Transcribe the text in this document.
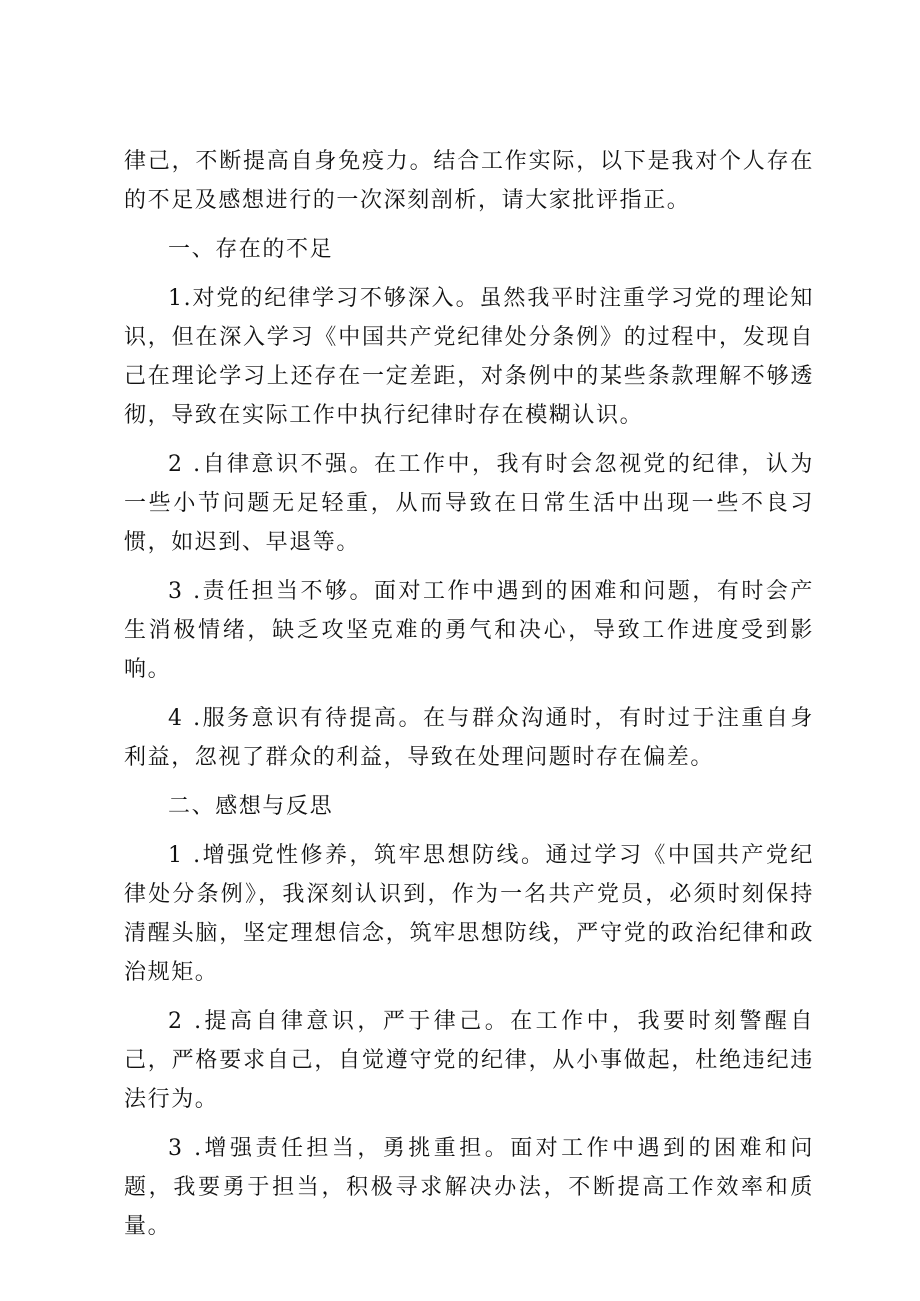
律己，不断提高自身免疫力。结合工作实际，以下是我对个人存在的不足及感想进行的一次深刻剖析，请大家批评指正。

一、存在的不足

1.对党的纪律学习不够深入。虽然我平时注重学习党的理论知识，但在深入学习《中国共产党纪律处分条例》的过程中，发现自己在理论学习上还存在一定差距，对条例中的某些条款理解不够透彻，导致在实际工作中执行纪律时存在模糊认识。

2 .自律意识不强。在工作中，我有时会忽视党的纪律，认为一些小节问题无足轻重，从而导致在日常生活中出现一些不良习惯，如迟到、早退等。

3 .责任担当不够。面对工作中遇到的困难和问题，有时会产生消极情绪，缺乏攻坚克难的勇气和决心，导致工作进度受到影响。

4 .服务意识有待提高。在与群众沟通时，有时过于注重自身利益，忽视了群众的利益，导致在处理问题时存在偏差。

二、感想与反思

1 .增强党性修养，筑牢思想防线。通过学习《中国共产党纪律处分条例》，我深刻认识到，作为一名共产党员，必须时刻保持清醒头脑，坚定理想信念，筑牢思想防线，严守党的政治纪律和政治规矩。

2 .提高自律意识，严于律己。在工作中，我要时刻警醒自己，严格要求自己，自觉遵守党的纪律，从小事做起，杜绝违纪违法行为。

3 .增强责任担当，勇挑重担。面对工作中遇到的困难和问题，我要勇于担当，积极寻求解决办法，不断提高工作效率和质量。
